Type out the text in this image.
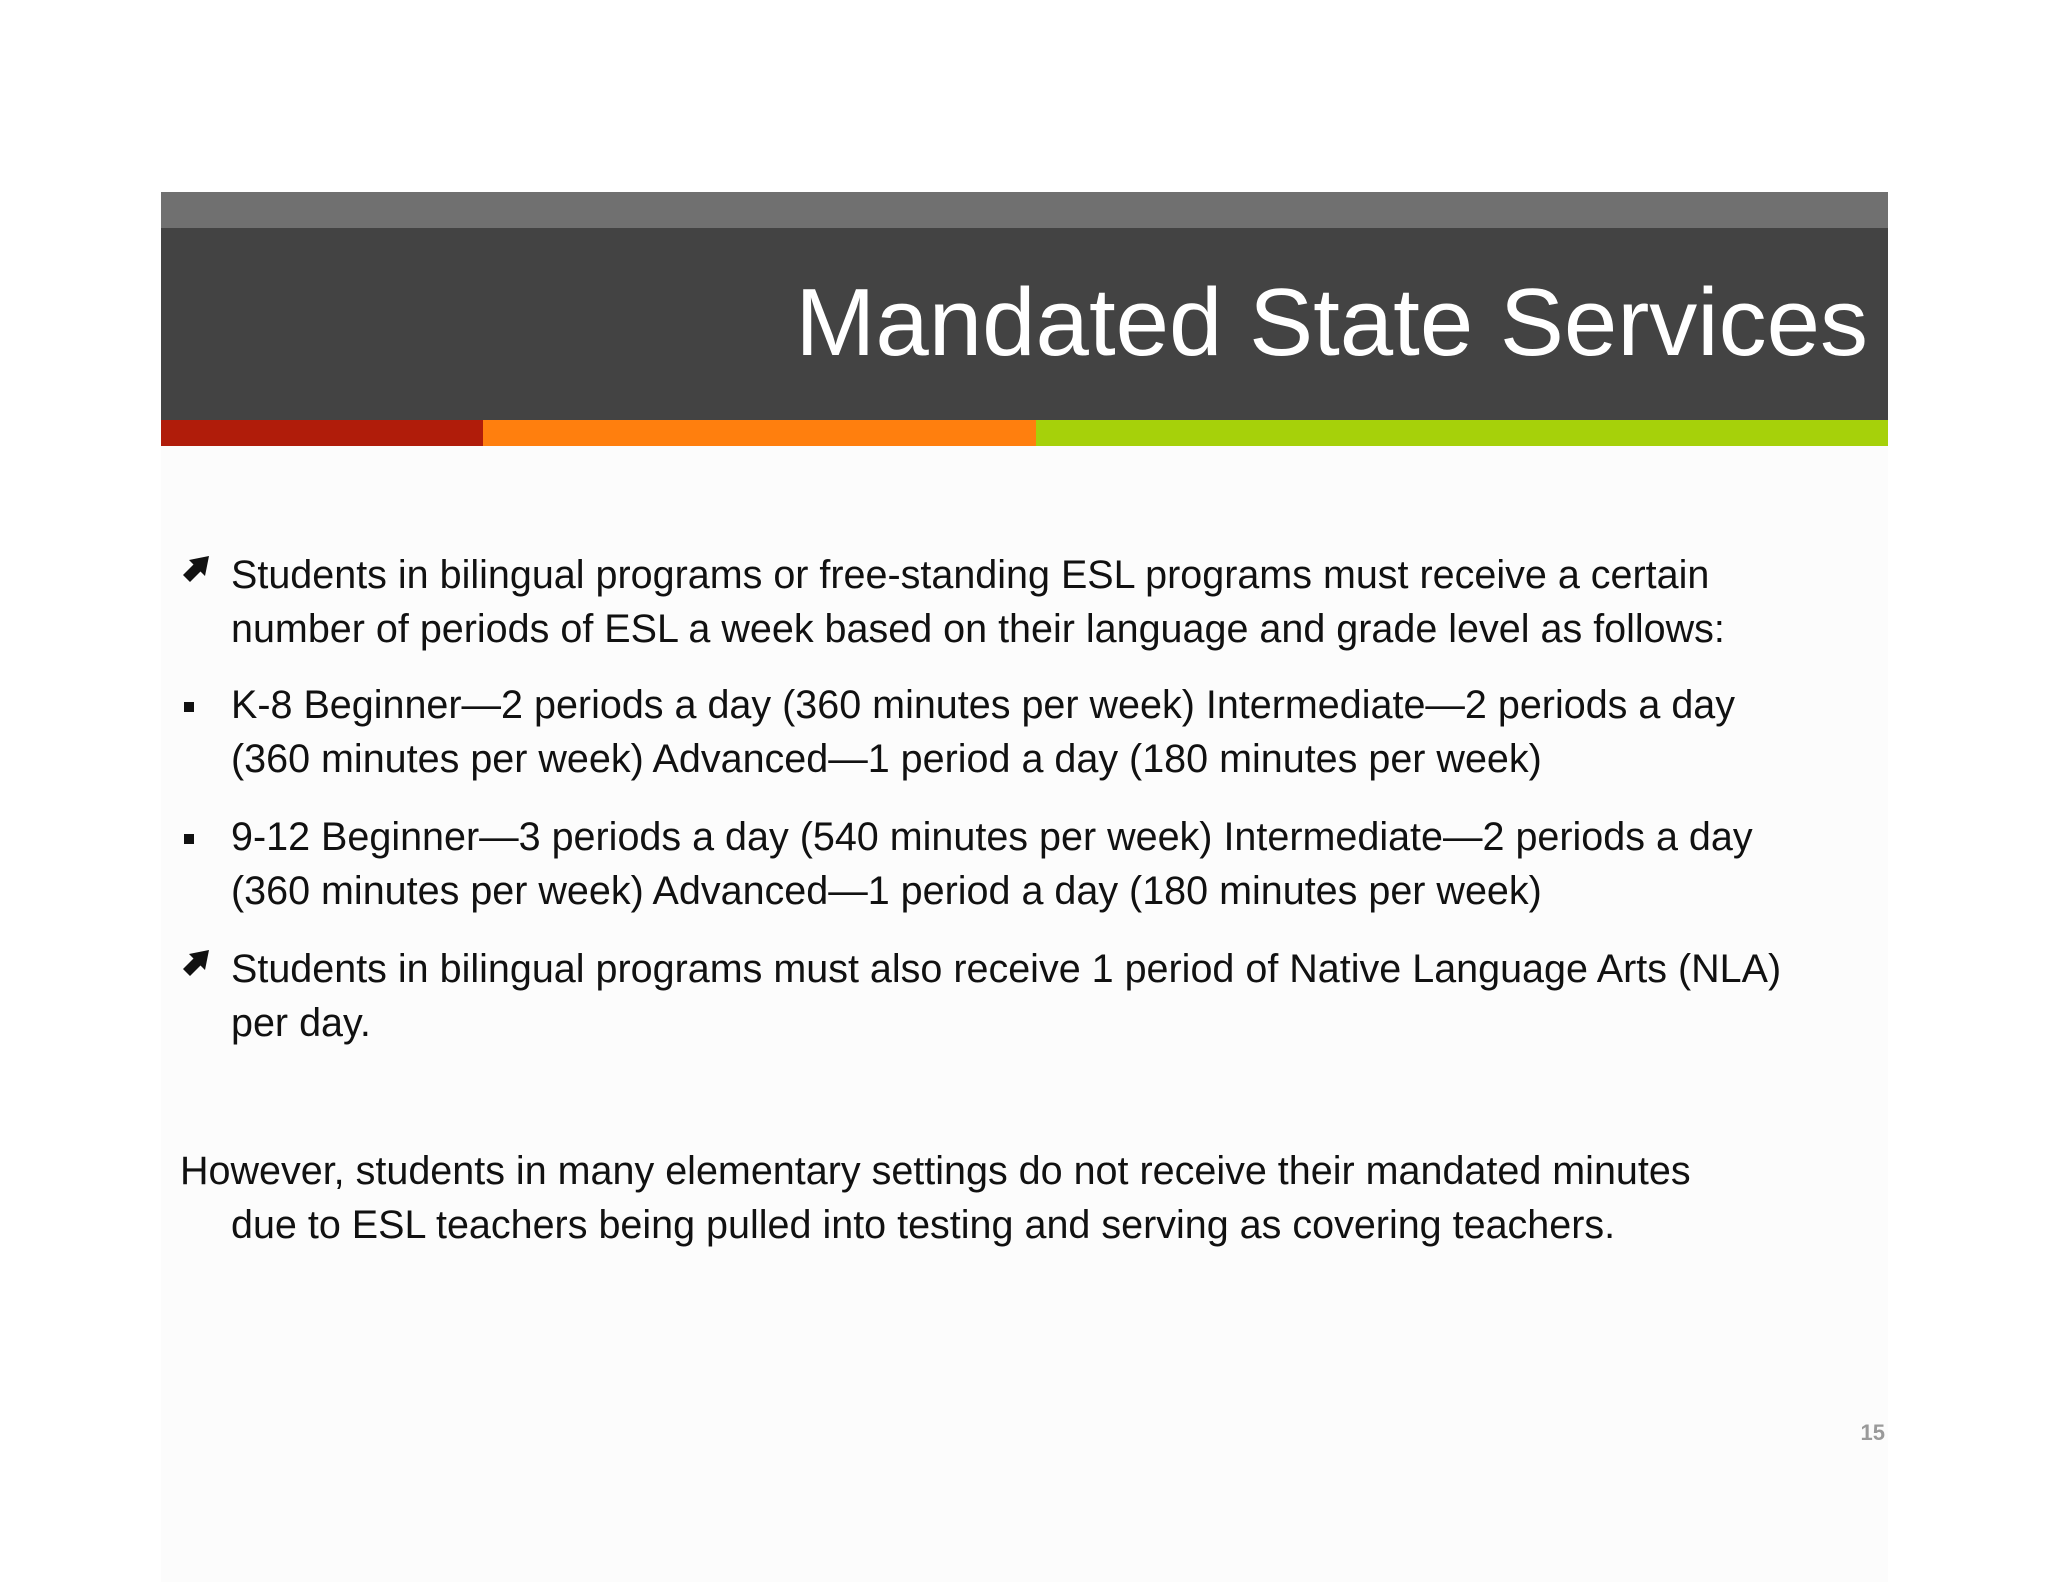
Mandated State Services
Students in bilingual programs or free-standing ESL programs must receive a certain
number of periods of ESL a week based on their language and grade level as follows:
K-8 Beginner—2 periods a day (360 minutes per week) Intermediate—2 periods a day
(360 minutes per week) Advanced—1 period a day (180 minutes per week)
9-12 Beginner—3 periods a day (540 minutes per week) Intermediate—2 periods a day
(360 minutes per week) Advanced—1 period a day (180 minutes per week)
Students in bilingual programs must also receive 1 period of Native Language Arts (NLA)
per day.
However, students in many elementary settings do not receive their mandated minutes
due to ESL teachers being pulled into testing and serving as covering teachers.
15
